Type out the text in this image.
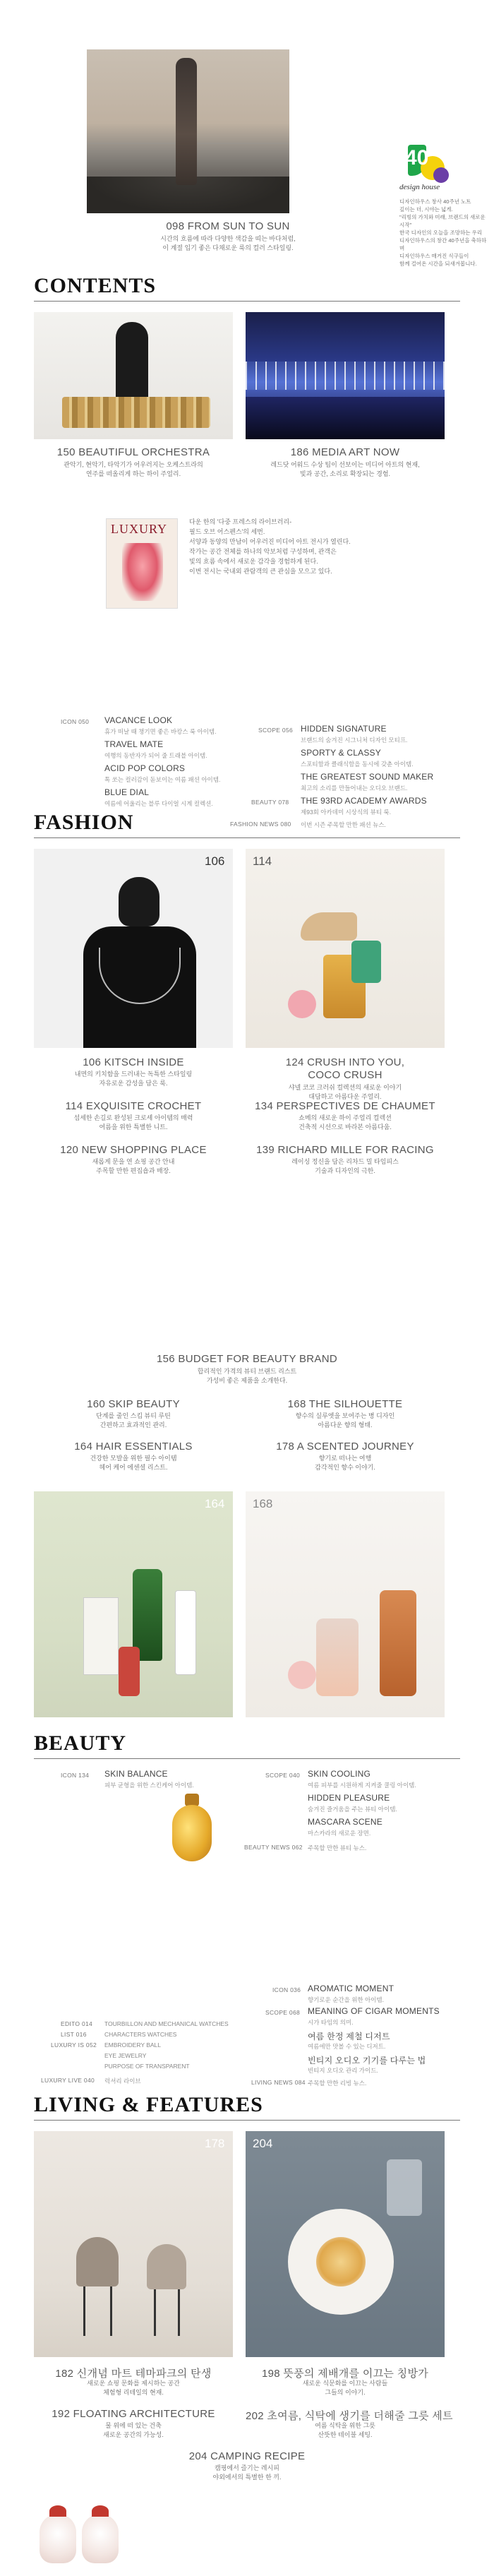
098 FROM SUN TO SUN
시간의 흐름에 따라 다양한 색감을 띠는 바다처럼,
이 계절 입기 좋은 다채로운 룩의 컬러 스타일링.
40
design house
디자인하우스 창사 40주년 노트
깊이는 더, 시야는 넓게.
"리빙의 가치와 미래, 브랜드의 새로운 시작"
한국 디자인의 오늘을 조망하는 우리
디자인하우스의 창간 40주년을 축하하며
디자인하우스 매거진 식구들이
함께 걸어온 시간을 되새겨봅니다.
CONTENTS
150 BEAUTIFUL ORCHESTRA
관악기, 현악기, 타악기가 어우러지는 오케스트라의
연주를 떠올리게 하는 하이 주얼리.
186 MEDIA ART NOW
레드닷 어워드 수상 팀이 선보이는 미디어 아트의 현재,
빛과 공간, 소리로 확장되는 경험.
LUXURY	다운 한의 '다중 프레스의 라이브러리-
필드 오브 어스펜스'의 세번.
서양과 동양의 만남이 어우러진 미디어 아트 전시가 열린다.
작가는 공간 전체를 하나의 악보처럼 구성하며, 관객은
빛의 흐름 속에서 새로운 감각을 경험하게 된다.
이번 전시는 국내외 관람객의 큰 관심을 모으고 있다.
ICON 050 VACANCE LOOK
휴가 떠날 때 챙기면 좋은 바캉스 룩 아이템.
TRAVEL MATE
여행의 동반자가 되어 줄 트래블 아이템.
ACID POP COLORS
톡 쏘는 컬러감이 돋보이는 여름 패션 아이템.
BLUE DIAL
여름에 어울리는 블루 다이얼 시계 컬렉션.
SCOPE 056 HIDDEN SIGNATURE
브랜드의 숨겨진 시그니처 디자인 모티프.
SPORTY & CLASSY
스포티함과 클래식함을 동시에 갖춘 아이템.
THE GREATEST SOUND MAKER
최고의 소리를 만들어내는 오디오 브랜드.
BEAUTY 078 THE 93RD ACADEMY AWARDS
제93회 아카데미 시상식의 뷰티 룩.
FASHION NEWS 080 이번 시즌 주목할 만한 패션 뉴스.
FASHION
106 114
106 KITSCH INSIDE
내면의 키치함을 드러내는 독특한 스타일링
자유로운 감성을 담은 룩.
124 CRUSH INTO YOU,
COCO CRUSH
샤넬 코코 크러쉬 컬렉션의 새로운 이야기
대담하고 아름다운 주얼리.
114 EXQUISITE CROCHET
섬세한 손길로 완성된 크로셰 아이템의 매력
여름을 위한 특별한 니트.
134 PERSPECTIVES DE CHAUMET
쇼메의 새로운 하이 주얼리 컬렉션
건축적 시선으로 바라본 아름다움.
120 NEW SHOPPING PLACE
새롭게 문을 연 쇼핑 공간 안내
주목할 만한 편집숍과 매장.
139 RICHARD MILLE FOR RACING
레이싱 정신을 담은 리차드 밀 타임피스
기술과 디자인의 극한.
156 BUDGET FOR BEAUTY BRAND
합리적인 가격의 뷰티 브랜드 리스트
가성비 좋은 제품을 소개한다.
160 SKIP BEAUTY
단계를 줄인 스킵 뷰티 루틴
간편하고 효과적인 관리.
168 THE SILHOUETTE
향수의 실루엣을 보여주는 병 디자인
아름다운 향의 형태.
164 HAIR ESSENTIALS
건강한 모발을 위한 필수 아이템
헤어 케어 에센셜 리스트.
178 A SCENTED JOURNEY
향기로 떠나는 여행
감각적인 향수 이야기.
164 168
BEAUTY
ICON 134 SKIN BALANCE
피부 균형을 위한 스킨케어 아이템.
SCOPE 040 SKIN COOLING
여름 피부를 시원하게 지켜줄 쿨링 아이템.
HIDDEN PLEASURE
숨겨진 즐거움을 주는 뷰티 아이템.
MASCARA SCENE
마스카라의 새로운 장면.
BEAUTY NEWS 062 주목할 만한 뷰티 뉴스.
EDITO 014 TOURBILLON AND MECHANICAL WATCHES
LIST 016	CHARACTERS WATCHES
LUXURY IS 052 EMBROIDERY BALL
EYE JEWELRY
PURPOSE OF TRANSPARENT
LUXURY LIVE 040 럭셔리 라이브
ICON 036 AROMATIC MOMENT
향기로운 순간을 위한 아이템.
SCOPE 068 MEANING OF CIGAR MOMENTS
시가 타임의 의미.
여름 한정 제철 디저트
여름에만 맛볼 수 있는 디저트.
빈티지 오디오 기기를 다루는 법
빈티지 오디오 관리 가이드.
LIVING NEWS 084 주목할 만한 리빙 뉴스.
LIVING & FEATURES
178 204
182 신개념 마트 테마파크의 탄생
새로운 쇼핑 문화를 제시하는 공간
체험형 리테일의 현재.
198 뜻풍의 제배개를 이끄는 칭방가
새로운 식문화를 이끄는 사람들
그들의 이야기.
192 FLOATING ARCHITECTURE
물 위에 떠 있는 건축
새로운 공간의 가능성.
202 초여름, 식탁에 생기를 더해줄 그릇 세트
여름 식탁을 위한 그릇
산뜻한 테이블 세팅.
204 CAMPING RECIPE
캠핑에서 즐기는 레시피
야외에서의 특별한 한 끼.
